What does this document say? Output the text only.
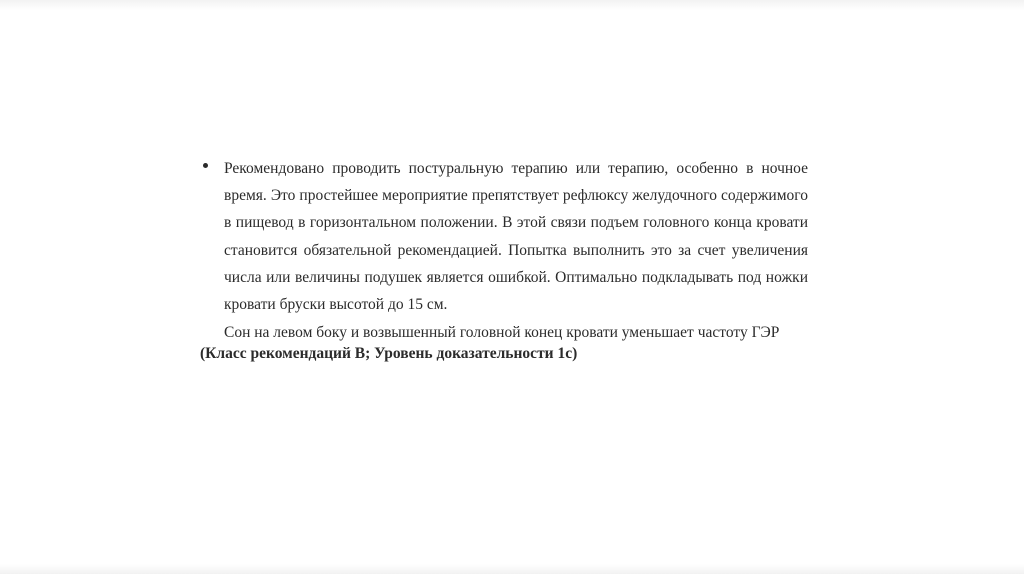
Рекомендовано проводить постуральную терапию или терапию, особенно в ночное время. Это простейшее мероприятие препятствует рефлюксу желудочного содержимого в пищевод в горизонтальном положении. В этой связи подъем головного конца кровати становится обязательной рекомендацией. Попытка выполнить это за счет увеличения числа или величины подушек является ошибкой. Оптимально подкладывать под ножки кровати бруски высотой до 15 см.

Сон на левом боку и возвышенный головной конец кровати уменьшает частоту ГЭР

(Класс рекомендаций В; Уровень доказательности 1с)
